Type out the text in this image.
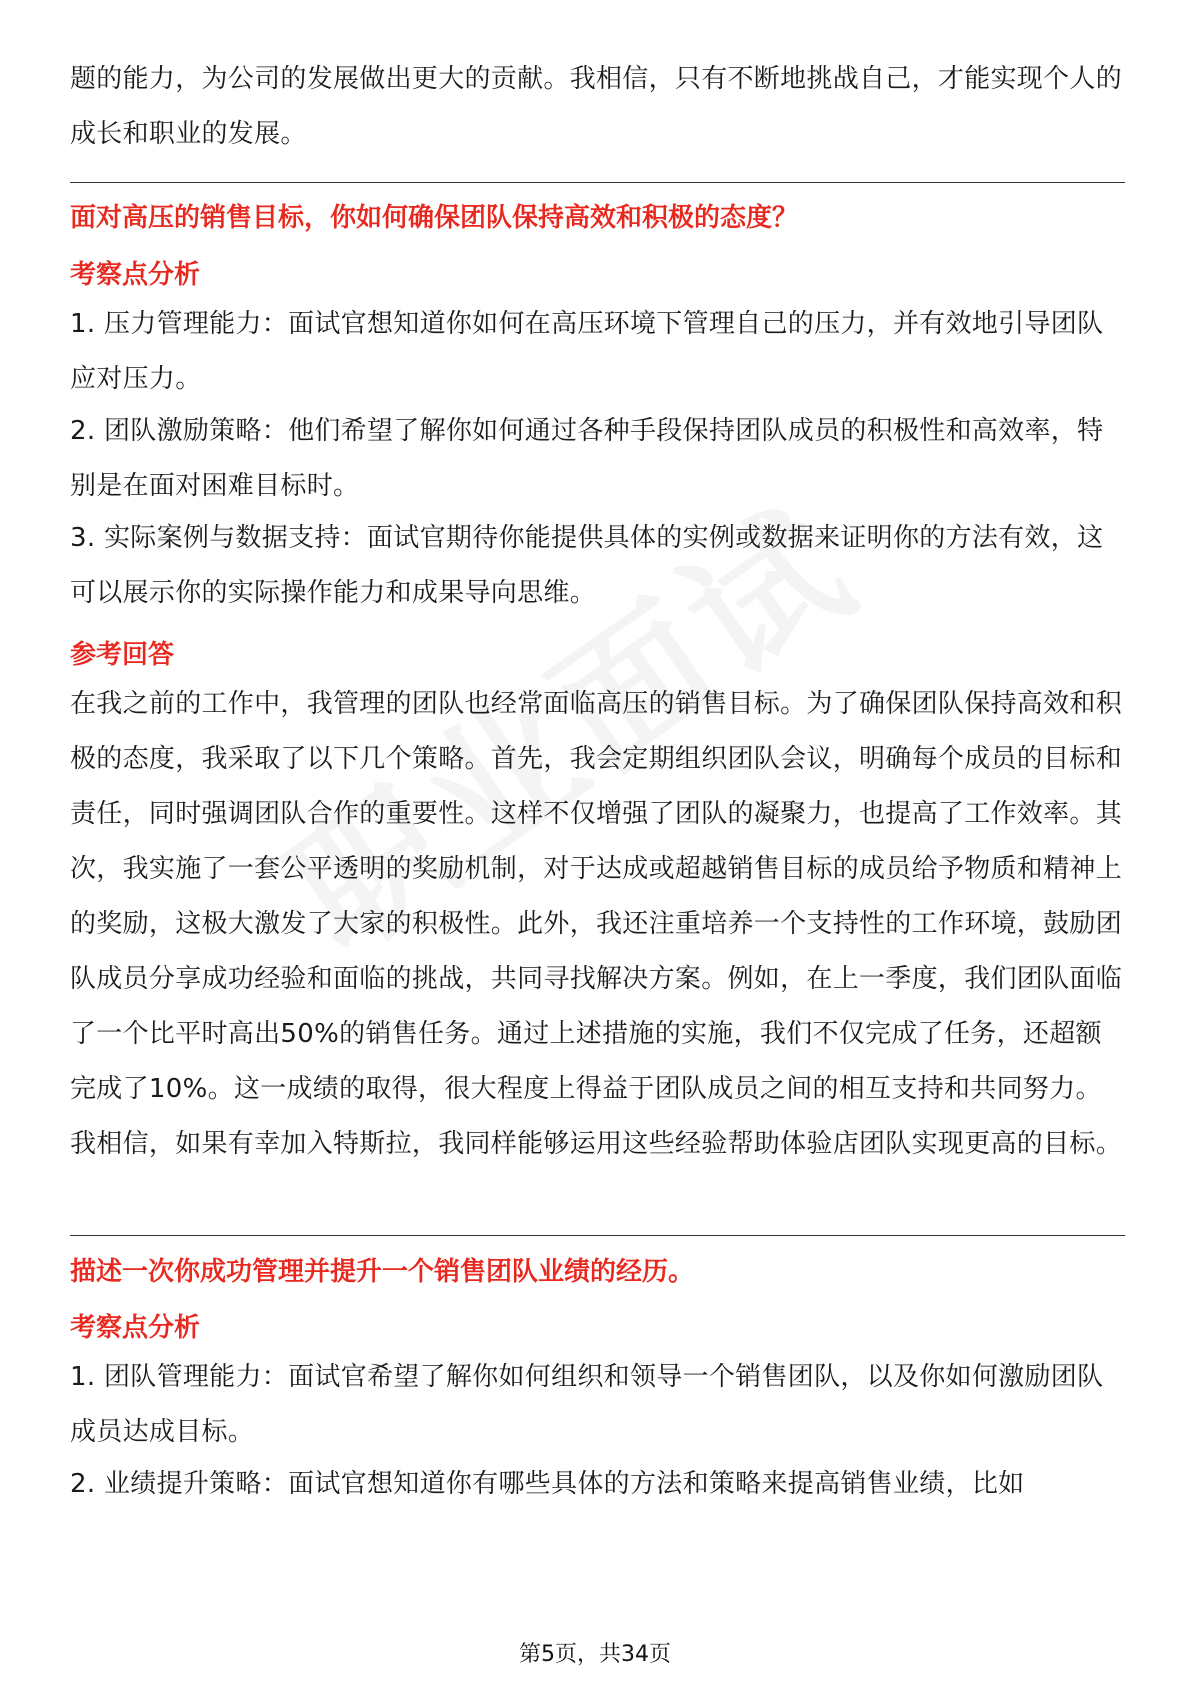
题的能力，为公司的发展做出更大的贡献。我相信，只有不断地挑战自己，才能实现个人的成长和职业的发展。

面对高压的销售目标，你如何确保团队保持高效和积极的态度？

考察点分析

1. 压力管理能力：面试官想知道你如何在高压环境下管理自己的压力，并有效地引导团队应对压力。

2. 团队激励策略：他们希望了解你如何通过各种手段保持团队成员的积极性和高效率，特别是在面对困难目标时。

3. 实际案例与数据支持：面试官期待你能提供具体的实例或数据来证明你的方法有效，这可以展示你的实际操作能力和成果导向思维。

参考回答

在我之前的工作中，我管理的团队也经常面临高压的销售目标。为了确保团队保持高效和积极的态度，我采取了以下几个策略。首先，我会定期组织团队会议，明确每个成员的目标和责任，同时强调团队合作的重要性。这样不仅增强了团队的凝聚力，也提高了工作效率。其次，我实施了一套公平透明的奖励机制，对于达成或超越销售目标的成员给予物质和精神上的奖励，这极大激发了大家的积极性。此外，我还注重培养一个支持性的工作环境，鼓励团队成员分享成功经验和面临的挑战，共同寻找解决方案。例如，在上一季度，我们团队面临了一个比平时高出50%的销售任务。通过上述措施的实施，我们不仅完成了任务，还超额完成了10%。这一成绩的取得，很大程度上得益于团队成员之间的相互支持和共同努力。我相信，如果有幸加入特斯拉，我同样能够运用这些经验帮助体验店团队实现更高的目标。

描述一次你成功管理并提升一个销售团队业绩的经历。

考察点分析

1. 团队管理能力：面试官希望了解你如何组织和领导一个销售团队，以及你如何激励团队成员达成目标。

2. 业绩提升策略：面试官想知道你有哪些具体的方法和策略来提高销售业绩，比如

第5页，共34页
